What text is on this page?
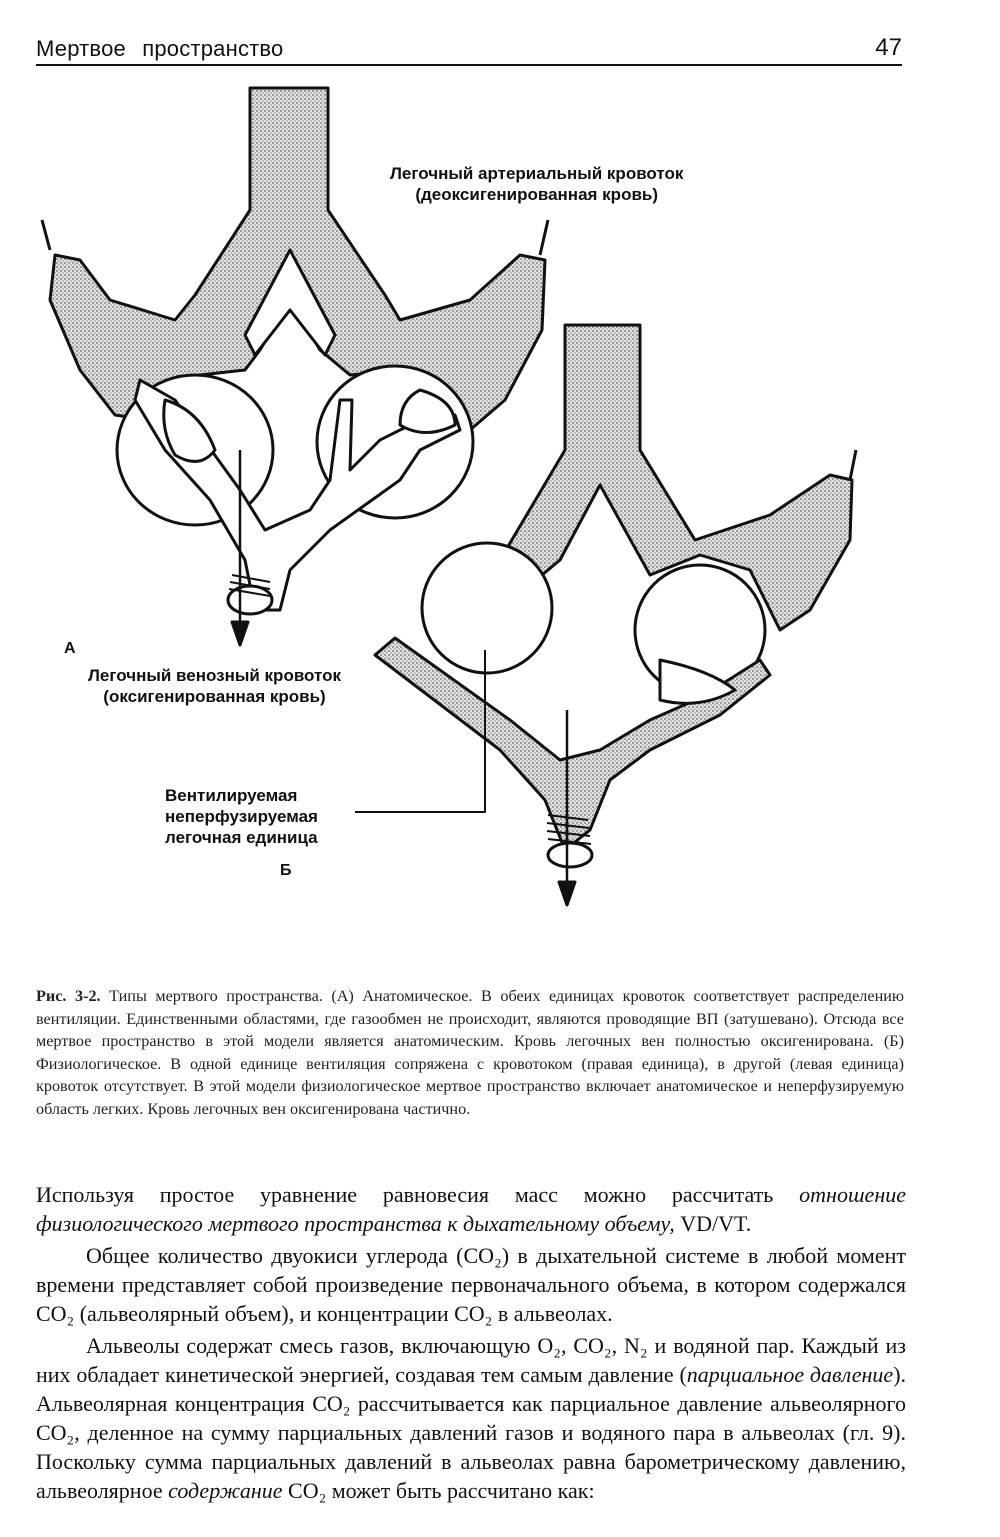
Мертвое пространство	47
Легочный артериальный кровоток
(деоксигенированная кровь)
А
Легочный венозный кровоток
(оксигенированная кровь)
Вентилируемая
неперфузируемая
легочная единица
Б
Рис. 3-2. Типы мертвого пространства. (А) Анатомическое. В обеих единицах кровоток соответствует распределению вентиляции. Единственными областями, где газообмен не происходит, являются проводящие ВП (затушевано). Отсюда все мертвое пространство в этой модели является анатомическим. Кровь легочных вен полностью оксигенирована. (Б) Физиологическое. В одной единице вентиляция сопряжена с кровотоком (правая единица), в другой (левая единица) кровоток отсутствует. В этой модели физиологическое мертвое пространство включает анатомическое и неперфузируемую область легких. Кровь легочных вен оксигенирована частично.

Используя простое уравнение равновесия масс можно рассчитать отношение физиологического мертвого пространства к дыхательному объему, VD/VT.

Общее количество двуокиси углерода (CO₂) в дыхательной системе в любой момент времени представляет собой произведение первоначального объема, в котором содержался CO₂ (альвеолярный объем), и концентрации CO₂ в альвеолах.

Альвеолы содержат смесь газов, включающую O₂, CO₂, N₂ и водяной пар. Каждый из них обладает кинетической энергией, создавая тем самым давление (парциальное давление). Альвеолярная концентрация CO₂ рассчитывается как парциальное давление альвеолярного CO₂, деленное на сумму парциальных давлений газов и водяного пара в альвеолах (гл. 9). Поскольку сумма парциальных давлений в альвеолах равна барометрическому давлению, альвеолярное содержание CO₂ может быть рассчитано как:
